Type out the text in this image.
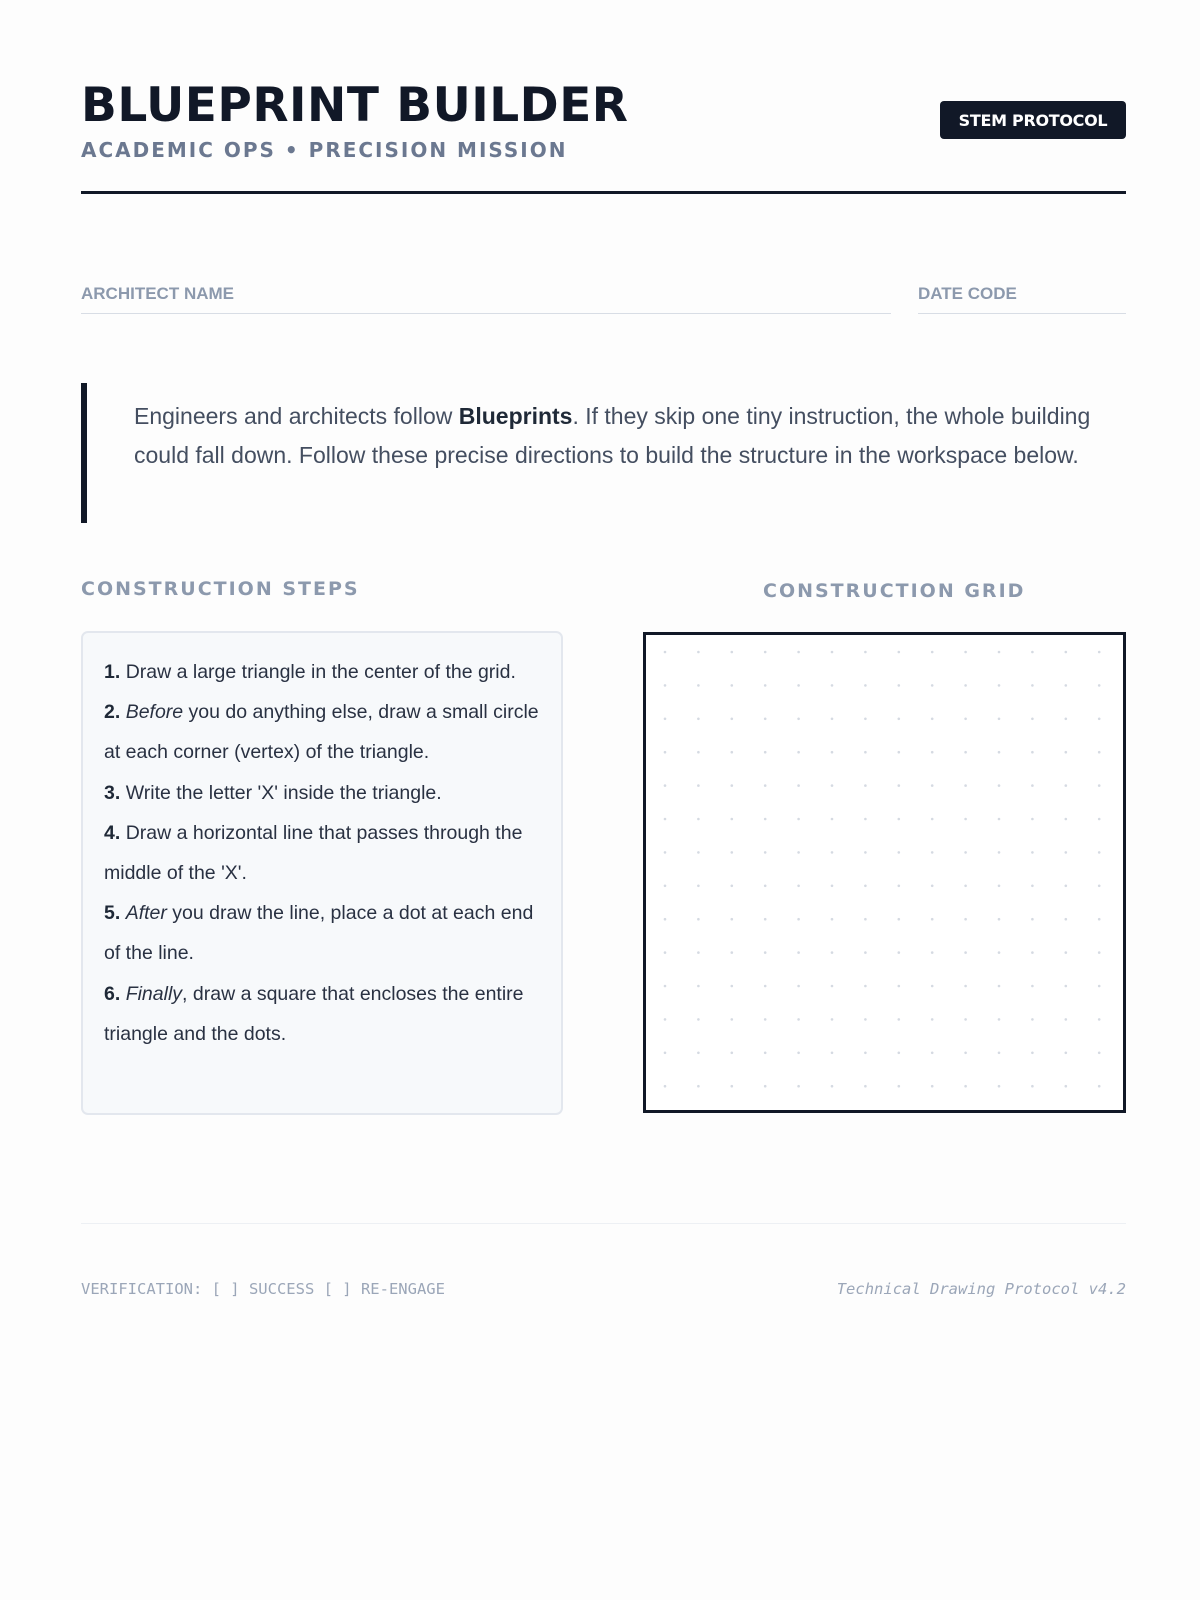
BLUEPRINT BUILDER
ACADEMIC OPS • PRECISION MISSION
STEM PROTOCOL
ARCHITECT NAME	DATE CODE
Engineers and architects follow Blueprints. If they skip one tiny instruction, the whole building could fall down. Follow these precise directions to build the structure in the workspace below.
CONSTRUCTION STEPS	CONSTRUCTION GRID
1. Draw a large triangle in the center of the grid.
2. Before you do anything else, draw a small circle at each corner (vertex) of the triangle.
3. Write the letter 'X' inside the triangle.
4. Draw a horizontal line that passes through the middle of the 'X'.
5. After you draw the line, place a dot at each end of the line.
6. Finally, draw a square that encloses the entire triangle and the dots.
VERIFICATION: [ ] SUCCESS [ ] RE-ENGAGE	Technical Drawing Protocol v4.2
